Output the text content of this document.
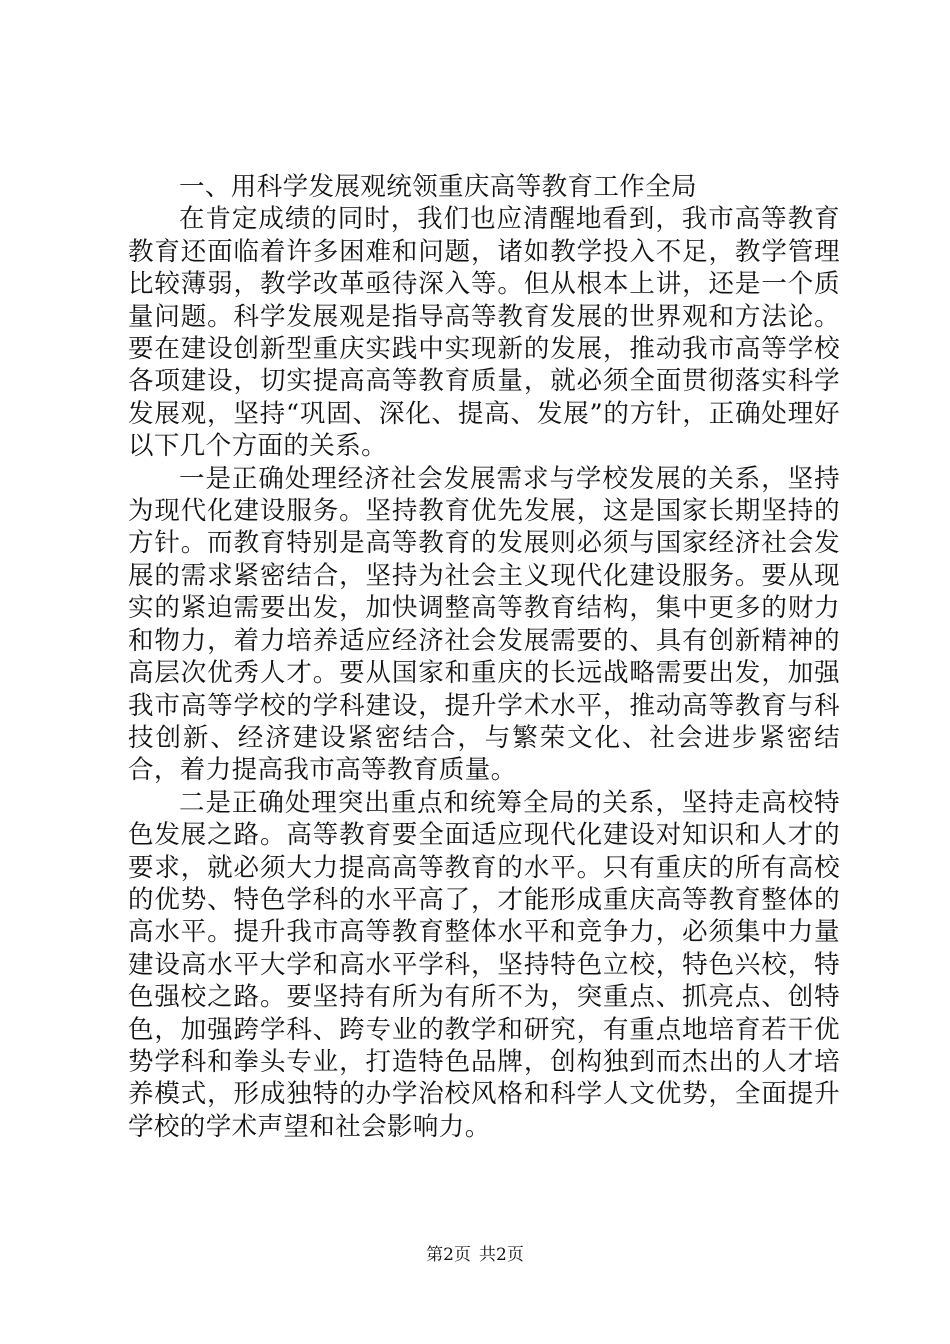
一、用科学发展观统领重庆高等教育工作全局

在肯定成绩的同时，我们也应清醒地看到，我市高等教育教育还面临着许多困难和问题，诸如教学投入不足，教学管理比较薄弱，教学改革亟待深入等。但从根本上讲，还是一个质量问题。科学发展观是指导高等教育发展的世界观和方法论。要在建设创新型重庆实践中实现新的发展，推动我市高等学校各项建设，切实提高高等教育质量，就必须全面贯彻落实科学发展观，坚持“巩固、深化、提高、发展”的方针，正确处理好以下几个方面的关系。

一是正确处理经济社会发展需求与学校发展的关系，坚持为现代化建设服务。坚持教育优先发展，这是国家长期坚持的方针。而教育特别是高等教育的发展则必须与国家经济社会发展的需求紧密结合，坚持为社会主义现代化建设服务。要从现实的紧迫需要出发，加快调整高等教育结构，集中更多的财力和物力，着力培养适应经济社会发展需要的、具有创新精神的高层次优秀人才。要从国家和重庆的长远战略需要出发，加强我市高等学校的学科建设，提升学术水平，推动高等教育与科技创新、经济建设紧密结合，与繁荣文化、社会进步紧密结合，着力提高我市高等教育质量。

二是正确处理突出重点和统筹全局的关系，坚持走高校特色发展之路。高等教育要全面适应现代化建设对知识和人才的要求，就必须大力提高高等教育的水平。只有重庆的所有高校的优势、特色学科的水平高了，才能形成重庆高等教育整体的高水平。提升我市高等教育整体水平和竞争力，必须集中力量建设高水平大学和高水平学科，坚持特色立校，特色兴校，特色强校之路。要坚持有所为有所不为，突重点、抓亮点、创特色，加强跨学科、跨专业的教学和研究，有重点地培育若干优势学科和拳头专业，打造特色品牌，创构独到而杰出的人才培养模式，形成独特的办学治校风格和科学人文优势，全面提升学校的学术声望和社会影响力。

第2页 共2页
